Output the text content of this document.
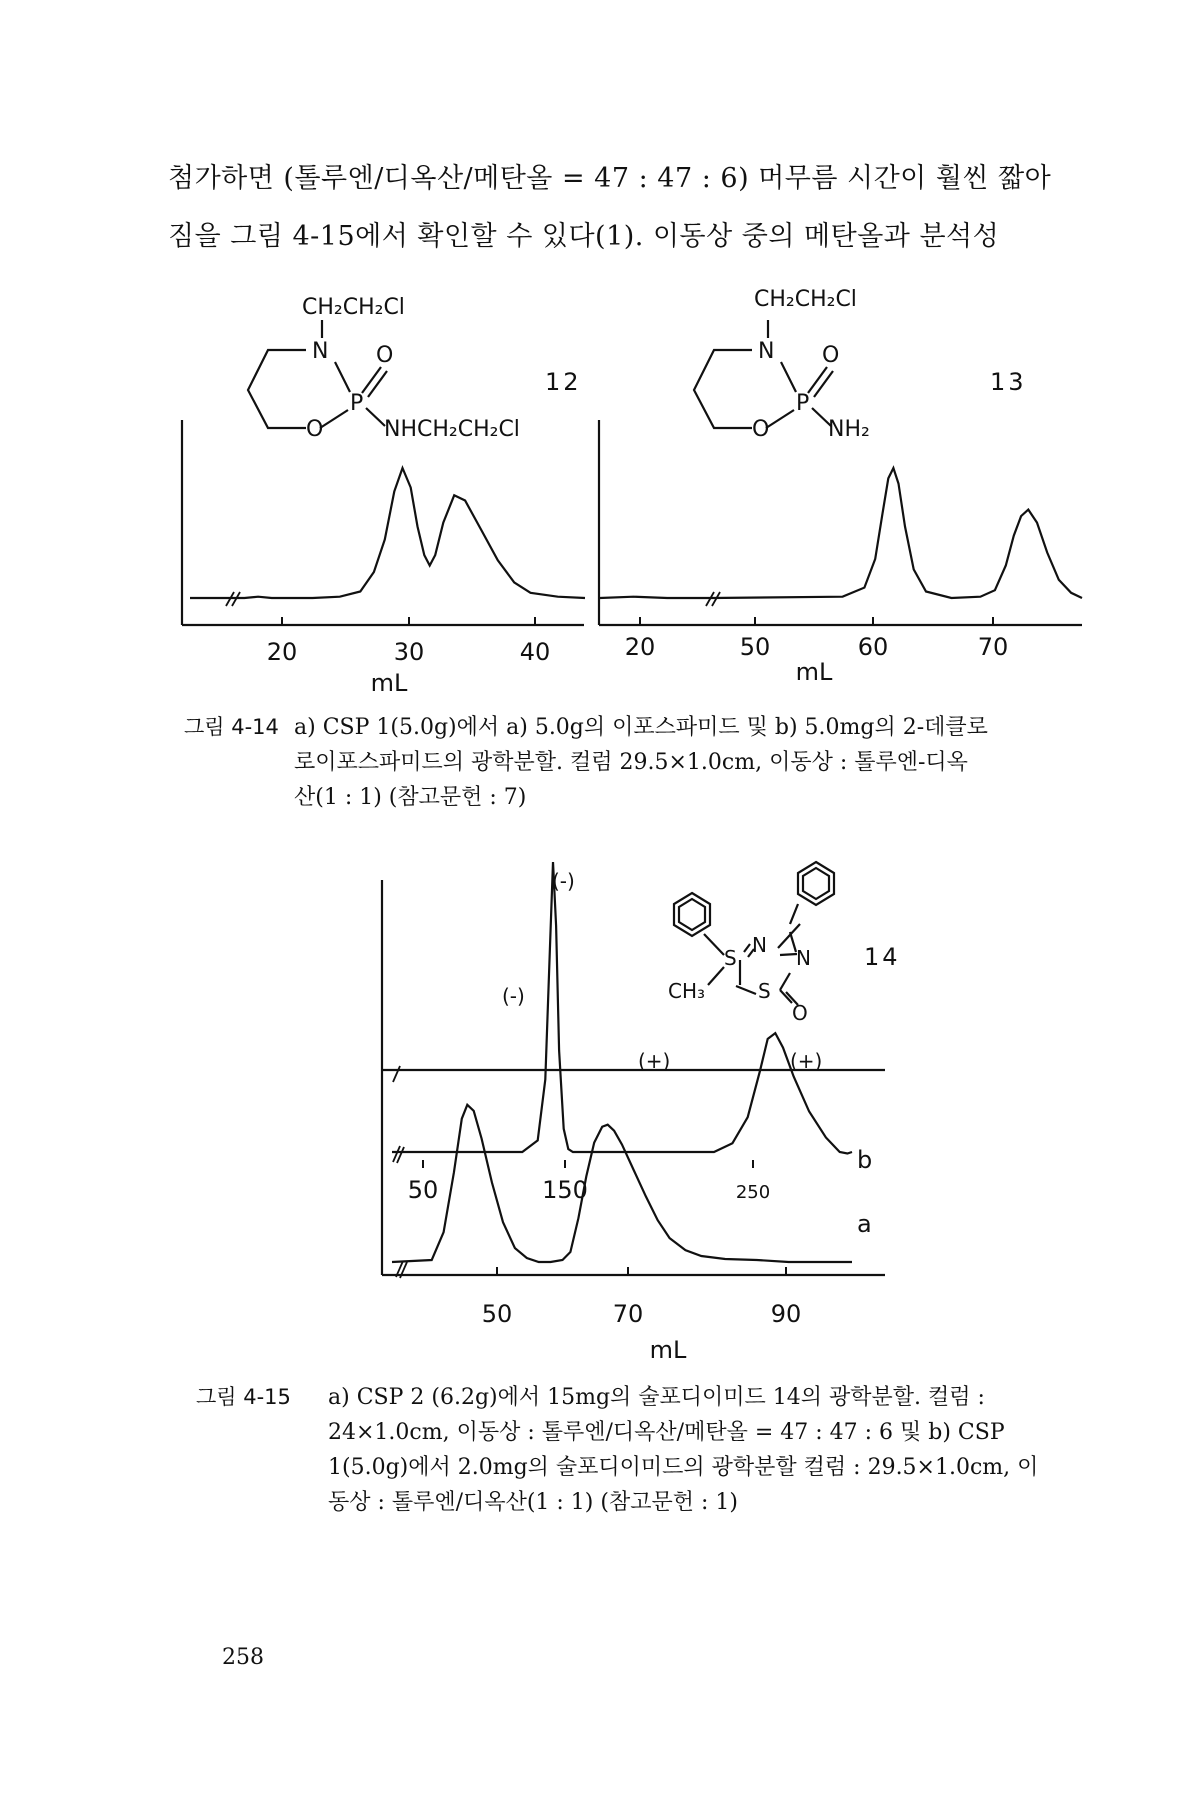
첨가하면 (톨루엔/디옥산/메탄올 = 47 : 47 : 6) 머무름 시간이 훨씬 짧아

짐을 그림 4-15에서 확인할 수 있다(1). 이동상 중의 메탄올과 분석성

CH₂CH₂Cl
N O
P
O	NHCH₂CH₂Cl
12
CH₂CH₂Cl
N O
P
O	NH₂
13
20	30	40	20	50	60	70
mL	mL
S
N
N
S
CH₃
O
14
50	70	90
50	150	250
(-)
(+)
(-)
(+)
a
b
mL
그림 4-14 a) CSP 1(5.0g)에서 a) 5.0g의 이포스파미드 및 b) 5.0mg의 2-데클로
로이포스파미드의 광학분할. 컬럼 29.5×1.0cm, 이동상 : 톨루엔-디옥
산(1 : 1) (참고문헌 : 7)
그림 4-15 a) CSP 2 (6.2g)에서 15mg의 술포디이미드 14의 광학분할. 컬럼 :
24×1.0cm, 이동상 : 톨루엔/디옥산/메탄올 = 47 : 47 : 6 및 b) CSP
1(5.0g)에서 2.0mg의 술포디이미드의 광학분할 컬럼 : 29.5×1.0cm, 이
동상 : 톨루엔/디옥산(1 : 1) (참고문헌 : 1)
258
